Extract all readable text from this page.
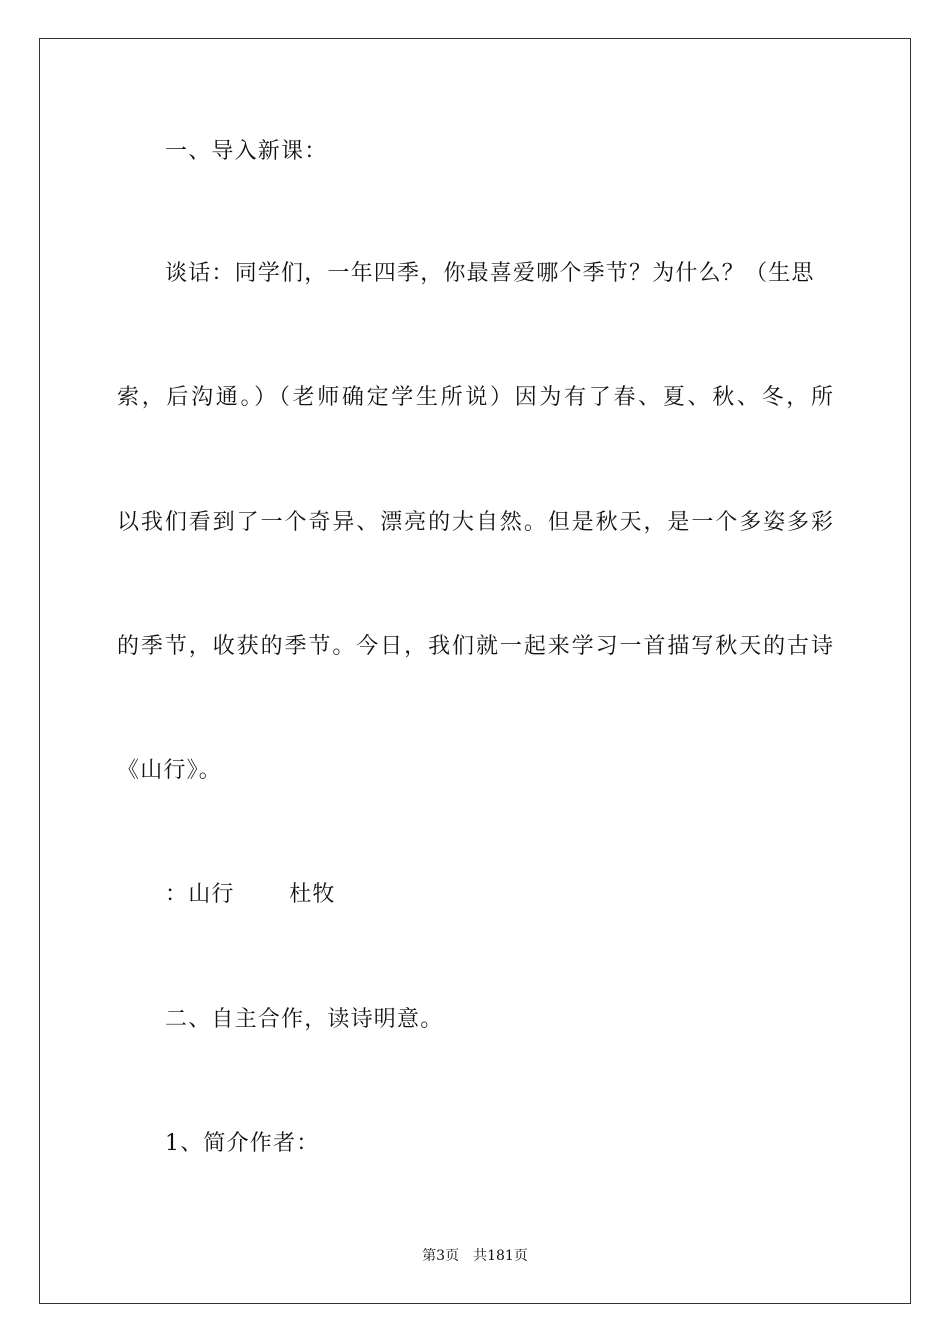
一、导入新课：
谈话：同学们，一年四季，你最喜爱哪个季节？为什么？（生思
索，后沟通。）（老师确定学生所说）因为有了春、夏、秋、冬，所
以我们看到了一个奇异、漂亮的大自然。但是秋天，是一个多姿多彩
的季节，收获的季节。今日，我们就一起来学习一首描写秋天的古诗
《山行》。
：山行 　　杜牧
二、自主合作，读诗明意。
1、简介作者：
第3页 共181页
